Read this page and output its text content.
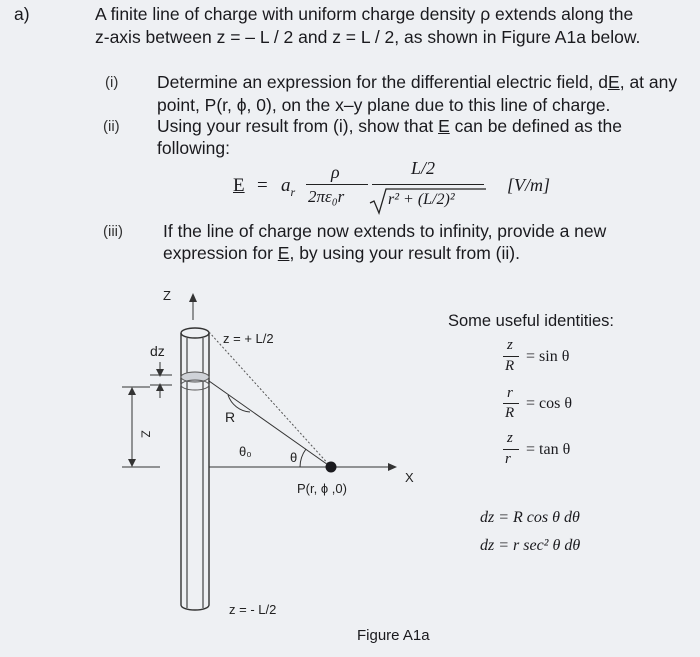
a)	A finite line of charge with uniform charge density ρ extends along the
z-axis between z = – L / 2 and z = L / 2, as shown in Figure A1a below.
(i) Determine an expression for the differential electric field, dE, at any
point, P(r, ϕ, 0), on the x–y plane due to this line of charge.
(ii) Using your result from (i), show that E can be defined as the
following:
$E = a_r$
ρ
2πε₀r
L/2
r² + (L/2)²
[V/m]
(iii) If the line of charge now extends to infinity, provide a new
expression for E, by using your result from (ii).
Z
X
dz
Z
z = + L/2
z = - L/2
R
θ₀	θ
P(r, ϕ ,0)
Figure A1a
Some useful identities:
z
R
= sin θ
r
R
= cos θ
z
r
= tan θ
dz = R cos θ dθ
dz = r sec² θ dθ
